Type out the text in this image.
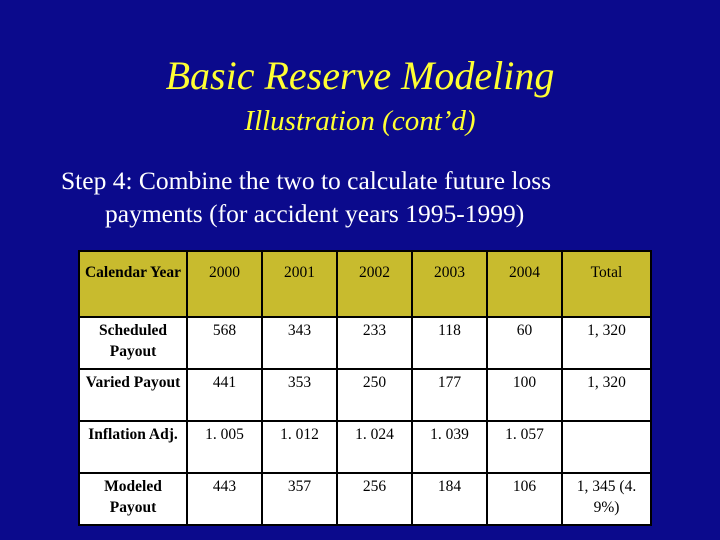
Basic Reserve Modeling
Illustration (cont’d)
Step 4: Combine the two to calculate future loss
payments (for accident years 1995-1999)
Calendar Year	2000	2001	2002	2003	2004	Total
Scheduled Payout	568	343	233	118	60	1, 320
Varied Payout	441	353	250	177	100	1, 320
Inflation Adj.	1. 005	1. 012	1. 024	1. 039	1. 057	
Modeled Payout	443	357	256	184	106	1, 345 (4. 9%)
